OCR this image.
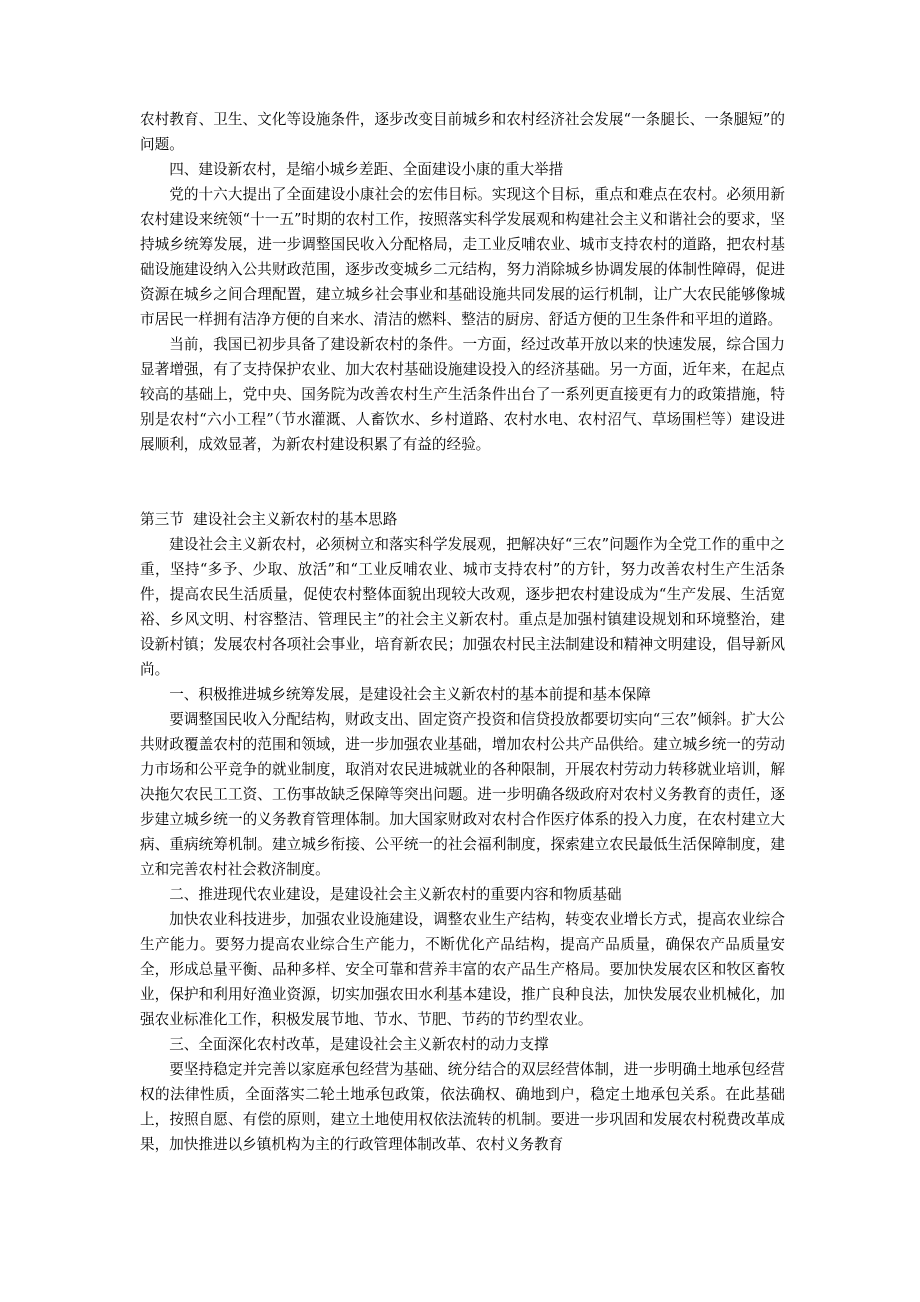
农村教育、卫生、文化等设施条件，逐步改变目前城乡和农村经济社会发展“一条腿长、一条腿短”的问题。

四、建设新农村，是缩小城乡差距、全面建设小康的重大举措

党的十六大提出了全面建设小康社会的宏伟目标。实现这个目标，重点和难点在农村。必须用新农村建设来统领“十一五”时期的农村工作，按照落实科学发展观和构建社会主义和谐社会的要求，坚持城乡统筹发展，进一步调整国民收入分配格局，走工业反哺农业、城市支持农村的道路，把农村基础设施建设纳入公共财政范围，逐步改变城乡二元结构，努力消除城乡协调发展的体制性障碍，促进资源在城乡之间合理配置，建立城乡社会事业和基础设施共同发展的运行机制，让广大农民能够像城市居民一样拥有洁净方便的自来水、清洁的燃料、整洁的厨房、舒适方便的卫生条件和平坦的道路。

当前，我国已初步具备了建设新农村的条件。一方面，经过改革开放以来的快速发展，综合国力显著增强，有了支持保护农业、加大农村基础设施建设投入的经济基础。另一方面，近年来，在起点较高的基础上，党中央、国务院为改善农村生产生活条件出台了一系列更直接更有力的政策措施，特别是农村“六小工程”（节水灌溉、人畜饮水、乡村道路、农村水电、农村沼气、草场围栏等）建设进展顺利，成效显著，为新农村建设积累了有益的经验。

第三节  建设社会主义新农村的基本思路

建设社会主义新农村，必须树立和落实科学发展观，把解决好“三农”问题作为全党工作的重中之重，坚持“多予、少取、放活”和“工业反哺农业、城市支持农村”的方针，努力改善农村生产生活条件，提高农民生活质量，促使农村整体面貌出现较大改观，逐步把农村建设成为“生产发展、生活宽裕、乡风文明、村容整洁、管理民主”的社会主义新农村。重点是加强村镇建设规划和环境整治，建设新村镇；发展农村各项社会事业，培育新农民；加强农村民主法制建设和精神文明建设，倡导新风尚。

一、积极推进城乡统筹发展，是建设社会主义新农村的基本前提和基本保障

要调整国民收入分配结构，财政支出、固定资产投资和信贷投放都要切实向“三农”倾斜。扩大公共财政覆盖农村的范围和领域，进一步加强农业基础，增加农村公共产品供给。建立城乡统一的劳动力市场和公平竞争的就业制度，取消对农民进城就业的各种限制，开展农村劳动力转移就业培训，解决拖欠农民工工资、工伤事故缺乏保障等突出问题。进一步明确各级政府对农村义务教育的责任，逐步建立城乡统一的义务教育管理体制。加大国家财政对农村合作医疗体系的投入力度，在农村建立大病、重病统筹机制。建立城乡衔接、公平统一的社会福利制度，探索建立农民最低生活保障制度，建立和完善农村社会救济制度。

二、推进现代农业建设，是建设社会主义新农村的重要内容和物质基础

加快农业科技进步，加强农业设施建设，调整农业生产结构，转变农业增长方式，提高农业综合生产能力。要努力提高农业综合生产能力，不断优化产品结构，提高产品质量，确保农产品质量安全，形成总量平衡、品种多样、安全可靠和营养丰富的农产品生产格局。要加快发展农区和牧区畜牧业，保护和利用好渔业资源，切实加强农田水利基本建设，推广良种良法，加快发展农业机械化，加强农业标准化工作，积极发展节地、节水、节肥、节药的节约型农业。

三、全面深化农村改革，是建设社会主义新农村的动力支撑

要坚持稳定并完善以家庭承包经营为基础、统分结合的双层经营体制，进一步明确土地承包经营权的法律性质，全面落实二轮土地承包政策，依法确权、确地到户，稳定土地承包关系。在此基础上，按照自愿、有偿的原则，建立土地使用权依法流转的机制。要进一步巩固和发展农村税费改革成果，加快推进以乡镇机构为主的行政管理体制改革、农村义务教育
